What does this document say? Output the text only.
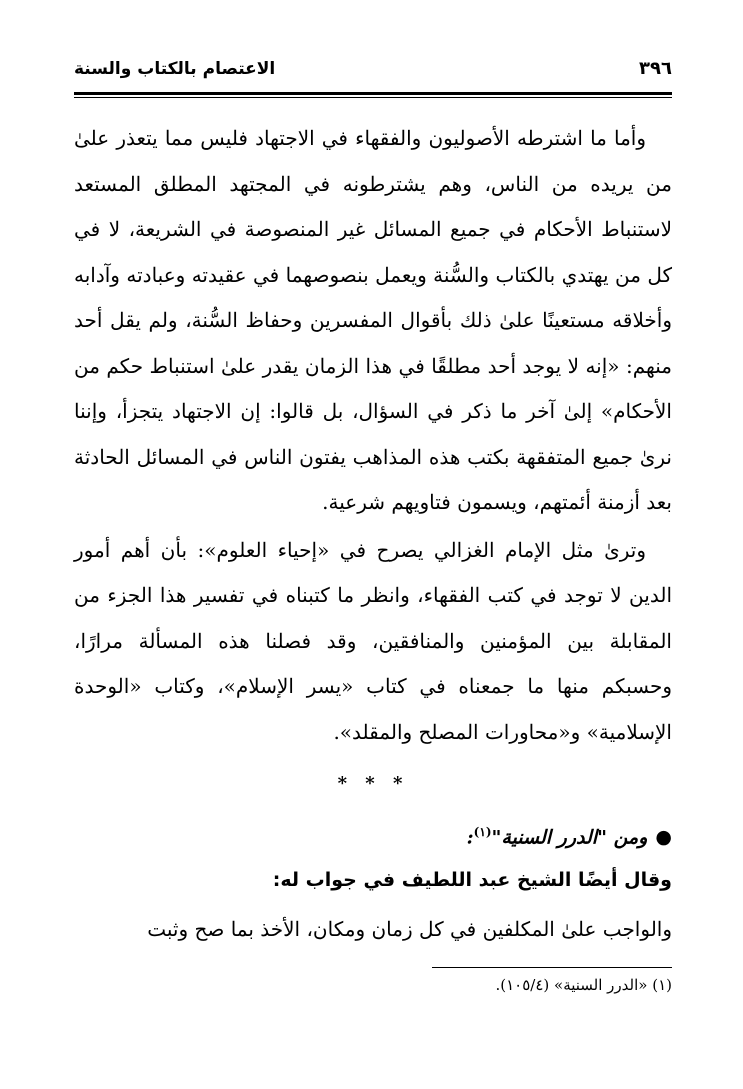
٣٩٦
الاعتصام بالكتاب والسنة

وأما ما اشترطه الأصوليون والفقهاء في الاجتهاد فليس مما يتعذر علىٰ من يريده من الناس، وهم يشترطونه في المجتهد المطلق المستعد لاستنباط الأحكام في جميع المسائل غير المنصوصة في الشريعة، لا في كل من يهتدي بالكتاب والسُّنة ويعمل بنصوصهما في عقيدته وعبادته وآدابه وأخلاقه مستعينًا علىٰ ذلك بأقوال المفسرين وحفاظ السُّنة، ولم يقل أحد منهم: «إنه لا يوجد أحد مطلقًا في هذا الزمان يقدر علىٰ استنباط حكم من الأحكام» إلىٰ آخر ما ذكر في السؤال، بل قالوا: إن الاجتهاد يتجزأ، وإننا نرىٰ جميع المتفقهة بكتب هذه المذاهب يفتون الناس في المسائل الحادثة بعد أزمنة أئمتهم، ويسمون فتاويهم شرعية.

وترىٰ مثل الإمام الغزالي يصرح في «إحياء العلوم»: بأن أهم أمور الدين لا توجد في كتب الفقهاء، وانظر ما كتبناه في تفسير هذا الجزء من المقابلة بين المؤمنين والمنافقين، وقد فصلنا هذه المسألة مرارًا، وحسبكم منها ما جمعناه في كتاب «يسر الإسلام»، وكتاب «الوحدة الإسلامية» و«محاورات المصلح والمقلد».

* * *
●ومن "الدرر السنية"$^{(١)}$:
وقال أيضًا الشيخ عبد اللطيف في جواب له:

والواجب علىٰ المكلفين في كل زمان ومكان، الأخذ بما صح وثبت

(١) «الدرر السنية» (١٠٥/٤).
